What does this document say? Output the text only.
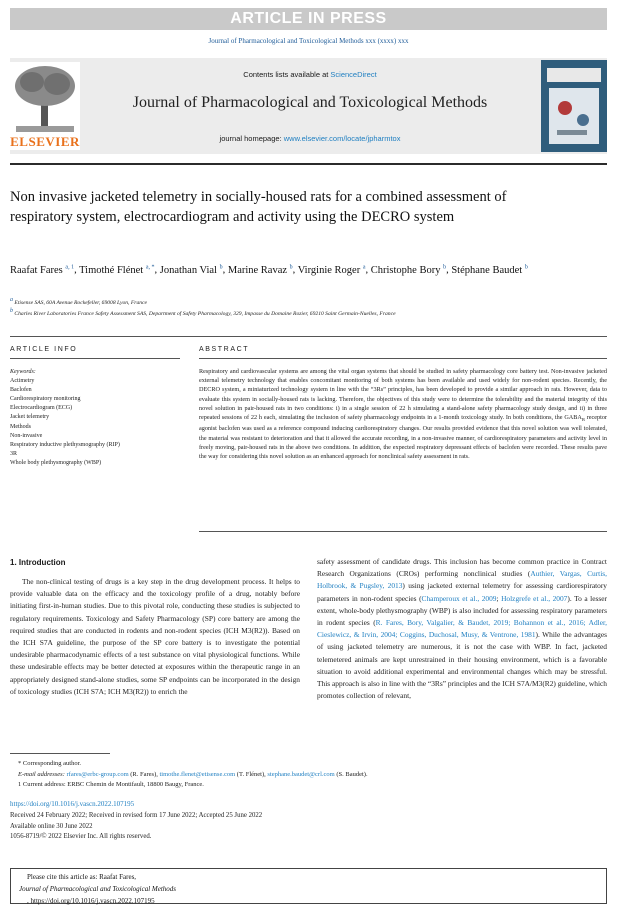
ARTICLE IN PRESS
Journal of Pharmacological and Toxicological Methods xxx (xxxx) xxx
ELSEVIER
Contents lists available at ScienceDirect
Journal of Pharmacological and Toxicological Methods
journal homepage: www.elsevier.com/locate/jpharmtox
Non invasive jacketed telemetry in socially-housed rats for a combined assessment of respiratory system, electrocardiogram and activity using the DECRO system
Raafat Fares $^{a, 1}$, Timothé Flénet $^{a, *}$, Jonathan Vial $^b$, Marine Ravaz $^b$, Virginie Roger $^a$, Christophe Bory $^b$, Stéphane Baudet $^b$
$^a$ Etisense SAS, 60A Avenue Rockefeller, 69008 Lyon, France
$^b$ Charles River Laboratories France Safety Assessment SAS, Department of Safety Pharmacology, 329, Impasse du Domaine Rozier, 69210 Saint Germain-Nuelles, France
ARTICLE INFO	ABSTRACT
Keywords:
Actimetry
Baclofen
Cardiorespiratory monitoring
Electrocardiogram (ECG)
Jacket telemetry
Methods
Non-invasive
Respiratory inductive plethysmography (RIP)
3R
Whole body plethysmography (WBP)
Respiratory and cardiovascular systems are among the vital organ systems that should be studied in safety pharmacology core battery test. Non-invasive jacketed external telemetry technology that enables concomitant monitoring of both systems has been available and used widely for non-rodent species. Recently, the DECRO system, a miniaturized technology system in line with the “3Rs” principles, has been developed to provide a similar approach in rats. However, data to evaluate this system in socially-housed rats is lacking. Therefore, the objectives of this study were to determine the tolerability and the material integrity of this novel solution in pair-housed rats in two conditions: i) in a single session of 22 h simulating a stand-alone safety pharmacology study design, and ii) in three repeated sessions of 22 h each, simulating the inclusion of safety pharmacology endpoints in a 1-month toxicology study. In both conditions, the $GABA_B$ receptor agonist baclofen was used as a reference compound inducing cardiorespiratory changes. Our results provided evidence that this novel solution was well tolerated, the material was resistant to deterioration and that it allowed the accurate recording, in a non-invasive manner, of cardiorespiratory parameters and activity level in freely moving, pair-housed rats in the above two conditions. In addition, the expected respiratory depressant effects of baclofen were recorded. These results pave the way for considering this novel solution as an enhanced approach for nonclinical safety assessment in rats.
1. Introduction
The non-clinical testing of drugs is a key step in the drug development process. It helps to provide valuable data on the efficacy and the toxicology profile of a drug, notably before initiating first-in-human studies. Due to this pivotal role, conducting these studies is subjected to regulatory requirements. Toxicology and Safety Pharmacology (SP) core battery are among the required studies that are conducted in rodents and non-rodent species (ICH M3(R2)). Based on the ICH S7A guideline, the purpose of the SP core battery is to investigate the potential undesirable pharmacodynamic effects of a test substance on vital physiological functions. While these undesirable effects may be better detected at exposures within the therapeutic range in an appropriately designed stand-alone studies, some SP endpoints can be incorporated in the design of toxicology studies (ICH S7A; ICH M3(R2)) to enrich the
safety assessment of candidate drugs. This inclusion has become common practice in Contract Research Organizations (CROs) performing nonclinical studies (Authier, Vargas, Curtis, Holbrook, & Pugsley, 2013) using jacketed external telemetry for assessing cardiorespiratory parameters in non-rodent species (Champeroux et al., 2009; Holzgrefe et al., 2007). To a lesser extent, whole-body plethysmography (WBP) is also included for assessing respiratory parameters in rodent species (R. Fares, Bory, Valgalier, & Baudet, 2019; Bohannon et al., 2016; Adler, Cieslewicz, & Irvin, 2004; Coggins, Duchosal, Musy, & Ventrone, 1981). While the advantages of using jacketed telemetry are numerous, it is not the case with WBP. In fact, jacketed telemetered animals are kept unrestrained in their housing environment, which is a favorable situation to avoid additional experimental and environmental changes which may be stressful. This approach is also in line with the “3Rs” principles and the ICH S7A/M3(R2) guideline, which promotes collection of relevant,
* Corresponding author.
E-mail addresses: rfares@erbc-group.com (R. Fares), timothe.flenet@etisense.com (T. Flénet), stephane.baudet@crl.com (S. Baudet).
1 Current address: ERBC Chemin de Montifault, 18800 Baugy, France.
https://doi.org/10.1016/j.vascn.2022.107195
Received 24 February 2022; Received in revised form 17 June 2022; Accepted 25 June 2022
Available online 30 June 2022
1056-8719/© 2022 Elsevier Inc. All rights reserved.
Please cite this article as: Raafat Fares,
Journal of Pharmacological and Toxicological Methods
, https://doi.org/10.1016/j.vascn.2022.107195
